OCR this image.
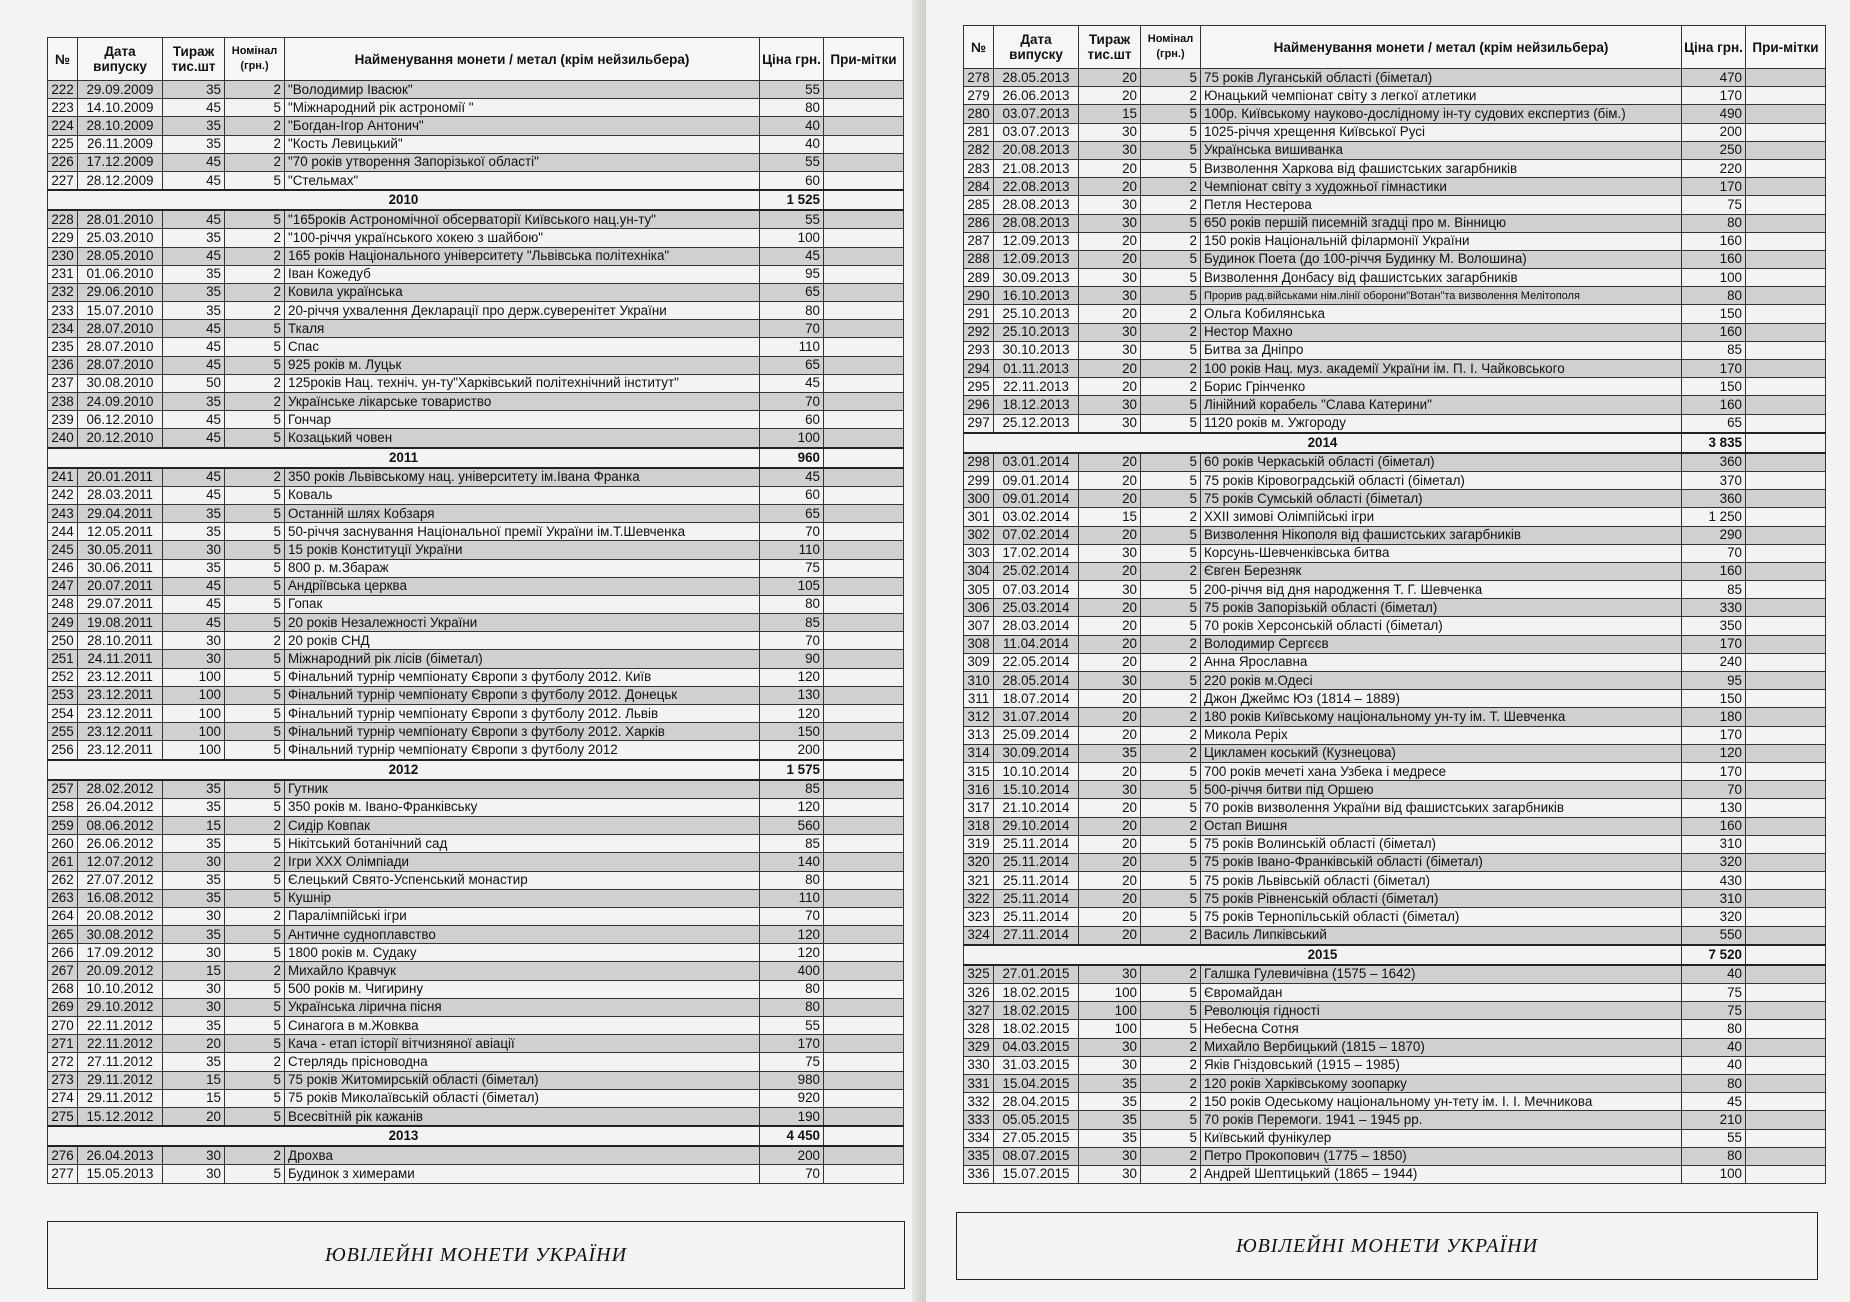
№	Дата випуску	Тираж тис.шт	Номінал (грн.)	Найменування монети / метал (крім нейзильбера)	Ціна грн.	При-мітки
222	29.09.2009	35	2	"Володимир Івасюк"	55	
223	14.10.2009	45	5	"Міжнародний рік астрономії "	80	
224	28.10.2009	35	2	"Богдан-Ігор Антонич"	40	
225	26.11.2009	35	2	"Кость Левицький"	40	
226	17.12.2009	45	2	"70 років утворення Запорізької області"	55	
227	28.12.2009	45	5	"Стельмах"	60	
2010					1 525	
228	28.01.2010	45	5	"165років Астрономічної обсерваторії Київського нац.ун-ту"	55	
229	25.03.2010	35	2	"100-річчя українського хокею з шайбою"	100	
230	28.05.2010	45	2	165 років Національного університету "Львівська політехніка"	45	
231	01.06.2010	35	2	Іван Кожедуб	95	
232	29.06.2010	35	2	Ковила українська	65	
233	15.07.2010	35	2	20-річчя ухвалення Декларації про держ.суверенітет України	80	
234	28.07.2010	45	5	Ткаля	70	
235	28.07.2010	45	5	Спас	110	
236	28.07.2010	45	5	925 років м. Луцьк	65	
237	30.08.2010	50	2	125років Нац. техніч. ун-ту"Харківський політехнічний інститут"	45	
238	24.09.2010	35	2	Українське лікарське товариство	70	
239	06.12.2010	45	5	Гончар	60	
240	20.12.2010	45	5	Козацький човен	100	
2011					960	
241	20.01.2011	45	2	350 років Львівському нац. університету ім.Івана Франка	45	
242	28.03.2011	45	5	Коваль	60	
243	29.04.2011	35	5	Останній шлях Кобзаря	65	
244	12.05.2011	35	5	50-річчя заснування Національної премії України ім.Т.Шевченка	70	
245	30.05.2011	30	5	15 років Конституції України	110	
246	30.06.2011	35	5	800 р. м.Збараж	75	
247	20.07.2011	45	5	Андріївська церква	105	
248	29.07.2011	45	5	Гопак	80	
249	19.08.2011	45	5	20 років Незалежності України	85	
250	28.10.2011	30	2	20 років СНД	70	
251	24.11.2011	30	5	Міжнародний рік лісів (біметал)	90	
252	23.12.2011	100	5	Фінальний турнір чемпіонату Європи з футболу 2012. Київ	120	
253	23.12.2011	100	5	Фінальний турнір чемпіонату Європи з футболу 2012. Донецьк	130	
254	23.12.2011	100	5	Фінальний турнір чемпіонату Європи з футболу 2012. Львів	120	
255	23.12.2011	100	5	Фінальний турнір чемпіонату Європи з футболу 2012. Харків	150	
256	23.12.2011	100	5	Фінальний турнір чемпіонату Європи з футболу 2012	200	
2012					1 575	
257	28.02.2012	35	5	Гутник	85	
258	26.04.2012	35	5	350 років м. Івано-Франківську	120	
259	08.06.2012	15	2	Сидір Ковпак	560	
260	26.06.2012	35	5	Нікітський ботанічний сад	85	
261	12.07.2012	30	2	Ігри ХХХ Олімпіади	140	
262	27.07.2012	35	5	Єлецький Свято-Успенський монастир	80	
263	16.08.2012	35	5	Кушнір	110	
264	20.08.2012	30	2	Паралімпійські ігри	70	
265	30.08.2012	35	5	Античне судноплавство	120	
266	17.09.2012	30	5	1800 років м. Судаку	120	
267	20.09.2012	15	2	Михайло Кравчук	400	
268	10.10.2012	30	5	500 років м. Чигирину	80	
269	29.10.2012	30	5	Українська лірична пісня	80	
270	22.11.2012	35	5	Синагога в м.Жовква	55	
271	22.11.2012	20	5	Кача - етап історії вітчизняної авіації	170	
272	27.11.2012	35	2	Стерлядь прісноводна	75	
273	29.11.2012	15	5	75 років Житомирській області (біметал)	980	
274	29.11.2012	15	5	75 років Миколаївській області (біметал)	920	
275	15.12.2012	20	5	Всесвітній рік кажанів	190	
2013					4 450	
276	26.04.2013	30	2	Дрохва	200	
277	15.05.2013	30	5	Будинок з химерами	70	
ЮВІЛЕЙНІ МОНЕТИ УКРАЇНИ
№	Дата випуску	Тираж тис.шт	Номінал (грн.)	Найменування монети / метал (крім нейзильбера)	Ціна грн.	При-мітки
278	28.05.2013	20	5	75 років Луганській області (біметал)	470	
279	26.06.2013	20	2	Юнацький чемпіонат світу з легкої атлетики	170	
280	03.07.2013	15	5	100р. Київському науково-дослідному ін-ту судових експертиз (бім.)	490	
281	03.07.2013	30	5	1025-річчя хрещення Київської Русі	200	
282	20.08.2013	30	5	Українська вишиванка	250	
283	21.08.2013	20	5	Визволення Харкова від фашистських загарбників	220	
284	22.08.2013	20	2	Чемпіонат світу з художньої гімнастики	170	
285	28.08.2013	30	2	Петля Нестерова	75	
286	28.08.2013	30	5	650 років першій писемній згадці про м. Вінницю	80	
287	12.09.2013	20	2	150 років Національній філармонії України	160	
288	12.09.2013	20	5	Будинок Поета (до 100-річчя Будинку М. Волошина)	160	
289	30.09.2013	30	5	Визволення Донбасу від фашистських загарбників	100	
290	16.10.2013	30	5	Прорив рад.військами нім.лінії оборони"Вотан"та визволення Мелітополя	80	
291	25.10.2013	20	2	Ольга Кобилянська	150	
292	25.10.2013	30	2	Нестор Махно	160	
293	30.10.2013	30	5	Битва за Дніпро	85	
294	01.11.2013	20	2	100 років Нац. муз. академії України ім. П. І. Чайковського	170	
295	22.11.2013	20	2	Борис Грінченко	150	
296	18.12.2013	30	5	Лінійний корабель "Слава Катерини"	160	
297	25.12.2013	30	5	1120 років м. Ужгороду	65	
2014					3 835	
298	03.01.2014	20	5	60 років Черкаській області (біметал)	360	
299	09.01.2014	20	5	75 років Кіровоградській області (біметал)	370	
300	09.01.2014	20	5	75 років Сумській області (біметал)	360	
301	03.02.2014	15	2	ХХІІ зимові Олімпійські ігри	1 250	
302	07.02.2014	20	5	Визволення Нікополя від фашистських загарбників	290	
303	17.02.2014	30	5	Корсунь-Шевченківська битва	70	
304	25.02.2014	20	2	Євген Березняк	160	
305	07.03.2014	30	5	200-річчя від дня народження Т. Г. Шевченка	85	
306	25.03.2014	20	5	75 років Запорізькій області (біметал)	330	
307	28.03.2014	20	5	70 років Херсонській області (біметал)	350	
308	11.04.2014	20	2	Володимир Сергєєв	170	
309	22.05.2014	20	2	Анна Ярославна	240	
310	28.05.2014	30	5	220 років м.Одесі	95	
311	18.07.2014	20	2	Джон Джеймс Юз (1814 – 1889)	150	
312	31.07.2014	20	2	180 років Київському національному ун-ту ім. Т. Шевченка	180	
313	25.09.2014	20	2	Микола Реріх	170	
314	30.09.2014	35	2	Цикламен коський (Кузнецова)	120	
315	10.10.2014	20	5	700 років мечеті хана Узбека і медресе	170	
316	15.10.2014	30	5	500-річчя битви під Оршею	70	
317	21.10.2014	20	5	70 років визволення України від фашистських загарбників	130	
318	29.10.2014	20	2	Остап Вишня	160	
319	25.11.2014	20	5	75 років Волинській області (біметал)	310	
320	25.11.2014	20	5	75 років Івано-Франківській області (біметал)	320	
321	25.11.2014	20	5	75 років Львівській області (біметал)	430	
322	25.11.2014	20	5	75 років Рівненській області (біметал)	310	
323	25.11.2014	20	5	75 років Тернопільській області (біметал)	320	
324	27.11.2014	20	2	Василь Липківський	550	
2015					7 520	
325	27.01.2015	30	2	Галшка Гулевичівна (1575 – 1642)	40	
326	18.02.2015	100	5	Євромайдан	75	
327	18.02.2015	100	5	Революція гідності	75	
328	18.02.2015	100	5	Небесна Сотня	80	
329	04.03.2015	30	2	Михайло Вербицький (1815 – 1870)	40	
330	31.03.2015	30	2	Яків Гніздовський (1915 – 1985)	40	
331	15.04.2015	35	2	120 років Харківському зоопарку	80	
332	28.04.2015	35	2	150 років Одеському національному ун-тету ім. І. І. Мечникова	45	
333	05.05.2015	35	5	70 років Перемоги. 1941 – 1945 рр.	210	
334	27.05.2015	35	5	Київський фунікулер	55	
335	08.07.2015	30	2	Петро Прокопович (1775 – 1850)	80	
336	15.07.2015	30	2	Андрей Шептицький (1865 – 1944)	100	
ЮВІЛЕЙНІ МОНЕТИ УКРАЇНИ
